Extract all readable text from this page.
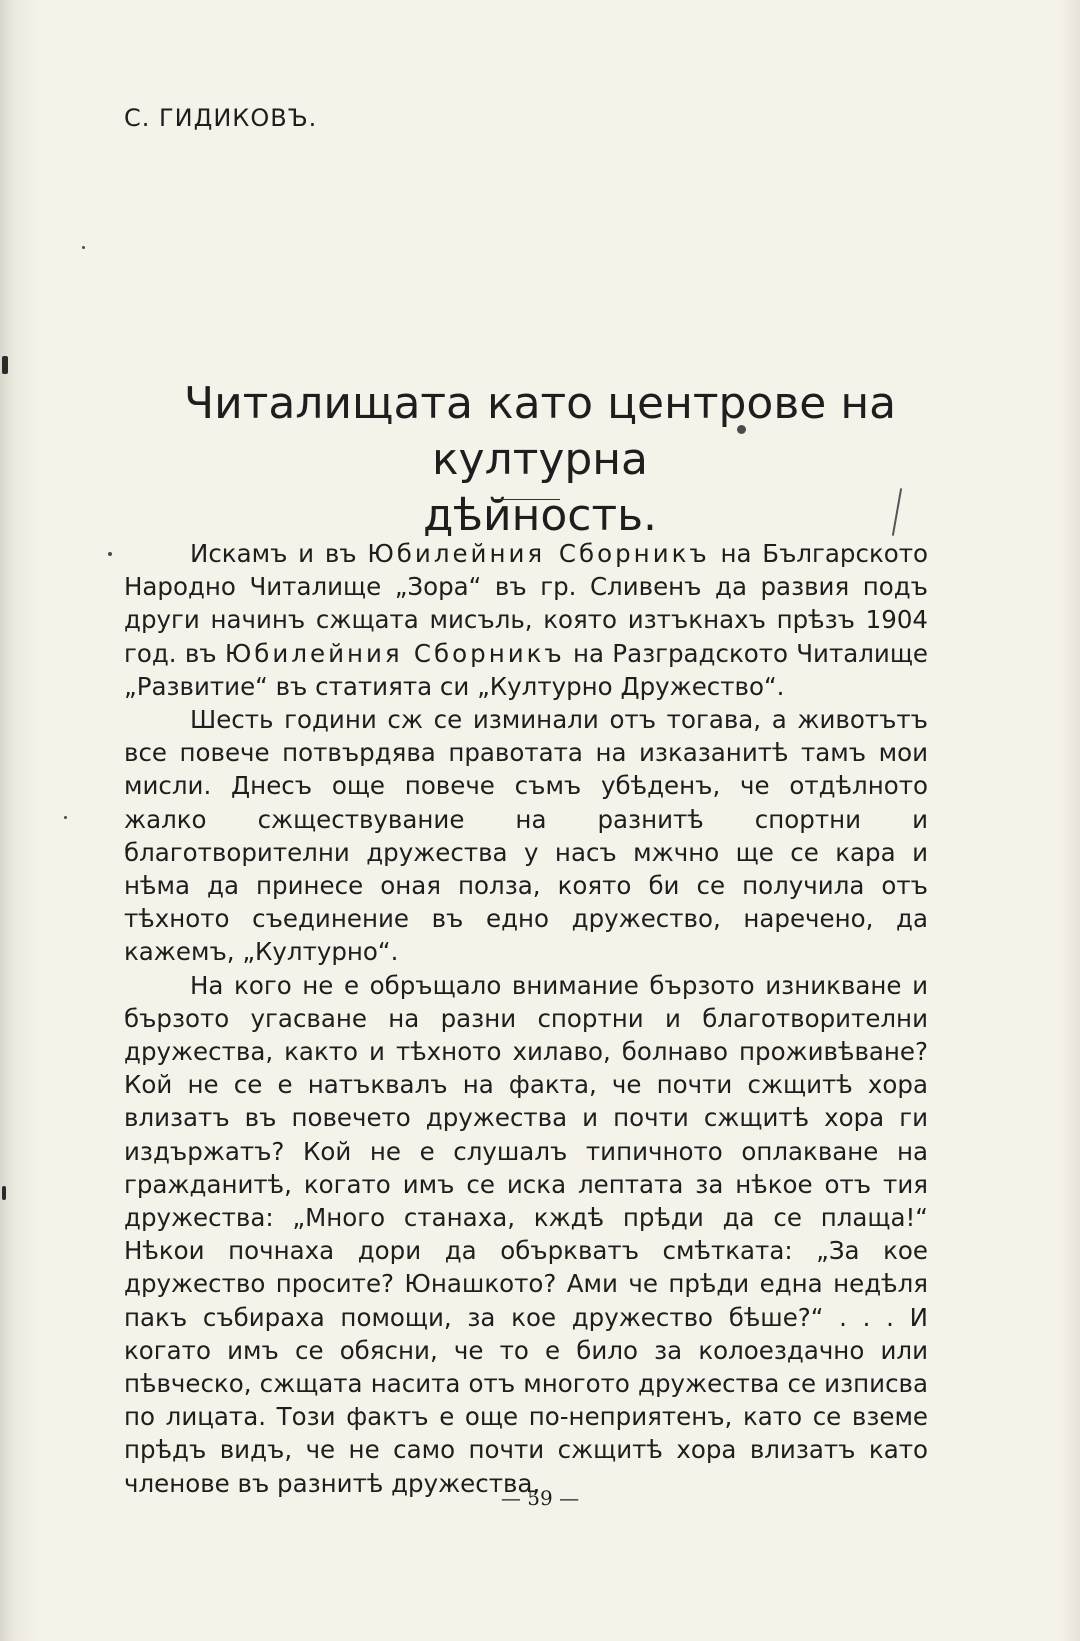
С. ГИДИКОВЪ.
Читалищата като центрове на културна
дѣйность.

Искамъ и въ Юбилейния Сборникъ на Българското Народно Читалище „Зора“ въ гр. Сливенъ да развия подъ други начинъ сжщата мисъль, която изтъкнахъ прѣзъ 1904 год. въ Юбилейния Сборникъ на Разградското Читалище „Развитие“ въ статията си „Културно Дружество“.

Шесть години сж се изминали отъ тогава, а животътъ все повече потвърдява правотата на изказанитѣ тамъ мои мисли. Днесъ още повече съмъ убѣденъ, че отдѣлното жалко сжществувание на разнитѣ спортни и благотворителни дружества у насъ мжчно ще се кара и нѣма да принесе оная полза, която би се получила отъ тѣхното съединение въ едно дружество, наречено, да кажемъ, „Културно“.

На кого не е обръщало внимание бързото изникване и бързото угасване на разни спортни и благотворителни дружества, както и тѣхното хилаво, болнаво проживѣване? Кой не се е натъквалъ на факта, че почти сжщитѣ хора влизатъ въ повечето дружества и почти сжщитѣ хора ги издържатъ? Кой не е слушалъ типичното оплакване на гражданитѣ, когато имъ се иска лептата за нѣкое отъ тия дружества: „Много станаха, кждѣ прѣди да се плаща!“ Нѣкои почнаха дори да объркватъ смѣтката: „За кое дружество просите? Юнашкото? Ами че прѣди една недѣля пакъ събираха помощи, за кое дружество бѣше?“ . . . И когато имъ се обясни, че то е било за колоездачно или пѣвческо, сжщата насита отъ многото дружества се изписва по лицата. Този фактъ е още по-неприятенъ, като се вземе прѣдъ видъ, че не само почти сжщитѣ хора влизатъ като членове въ разнитѣ дружества,

— 59 —
